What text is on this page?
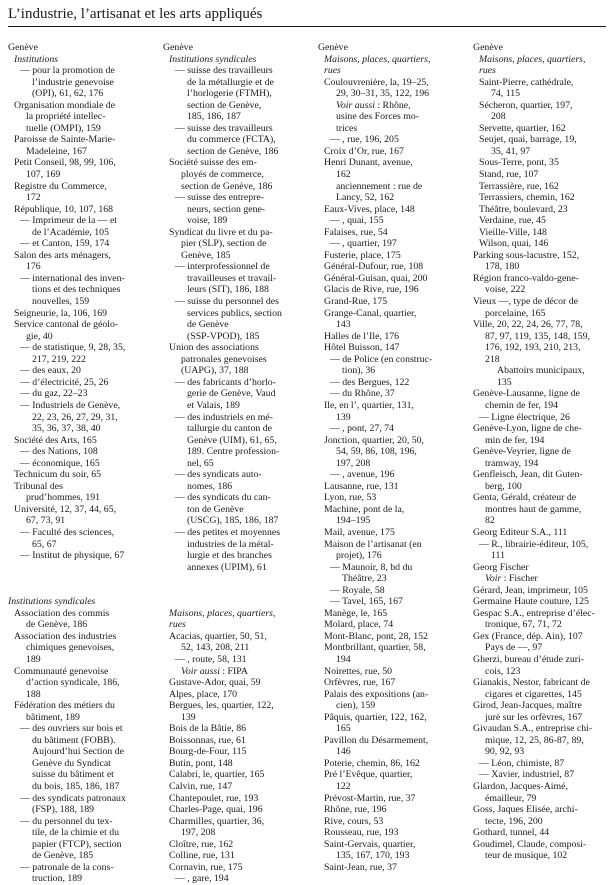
L’industrie, l’artisanat et les arts appliqués
Genève
Institutions
— pour la promotion de
l’industrie genevoise
(OPI), 61, 62, 176
Organisation mondiale de
la propriété intellec-
tuelle (OMPI), 159
Paroisse de Sainte-Marie-
Madeleine, 167
Petit Conseil, 98, 99, 106,
107, 169
Registre du Commerce,
172
République, 10, 107, 168
— Imprimeur de la — et
de l’Académie, 105
— et Canton, 159, 174
Salon des arts ménagers,
176
— international des inven-
tions et des techniques
nouvelles, 159
Seigneurie, la, 106, 169
Service cantonal de géolo-
gie, 40
— de statistique, 9, 28, 35,
217, 219, 222
— des eaux, 20
— d’électricité, 25, 26
— du gaz, 22–23
— Industriels de Genève,
22, 23, 26, 27, 29, 31,
35, 36, 37, 38, 40
Société des Arts, 165
— des Nations, 108
— économique, 165
Technicum du soir, 65
Tribunal des
prud’hommes, 191
Université, 12, 37, 44, 65,
67, 73, 91
— Faculté des sciences,
65, 67
— Institut de physique, 67
Institutions syndicales
Association des commis
de Genève, 186
Association des industries
chimiques genevoises,
189
Communauté genevoise
d’action syndicale, 186,
188
Fédération des métiers du
bâtiment, 189
— des ouvriers sur bois et
du bâtiment (FOBB).
Aujourd’hui Section de
Genève du Syndicat
suisse du bâtiment et
du bois, 185, 186, 187
— des syndicats patronaux
(FSP), 188, 189
— du personnel du tex-
tile, de la chimie et du
papier (FTCP), section
de Genève, 185
— patronale de la cons-
truction, 189
Genève
Institutions syndicales
— suisse des travailleurs
de la métallurgie et de
l’horlogerie (FTMH),
section de Genève,
185, 186, 187
— suisse des travailleurs
du commerce (FCTA),
section de Genève, 186
Société suisse des em-
ployés de commerce,
section de Genève, 186
— suisse des entrepre-
neurs, section gene-
voise, 189
Syndicat du livre et du pa-
pier (SLP), section de
Genève, 185
— interprofessionnel de
travailleuses et travail-
leurs (SIT), 186, 188
— suisse du personnel des
services publics, section
de Genève
(SSP-VPOD), 185
Union des associations
patronales genevoises
(UAPG), 37, 188
— des fabricants d’horlo-
gerie de Genève, Vaud
et Valais, 189
— des industriels en mé-
tallurgie du canton de
Genève (UIM), 61, 65,
189. Centre profession-
nel, 65
— des syndicats auto-
nomes, 186
— des syndicats du can-
ton de Genève
(USCG), 185, 186, 187
— des petites et moyennes
industries de la métal-
lurgie et des branches
annexes (UPIM), 61
Maisons, places, quartiers,
rues
Acacias, quartier, 50, 51,
52, 143, 208, 211
— , route, 58, 131
Voir aussi : FIPA
Gustave-Ador, quai, 59
Alpes, place, 170
Bergues, les, quartier, 122,
139
Bois de la Bâtie, 86
Boissonnas, rue, 61
Bourg-de-Four, 115
Butin, pont, 148
Calabri, le, quartier, 165
Calvin, rue, 147
Chantepoulet, rue, 193
Charles-Page, quai, 196
Charmilles, quartier, 36,
197, 208
Cloître, rue, 162
Colline, rue, 131
Cornavin, rue, 175
— , gare, 194
Genève
Maisons, places, quartiers,
rues
Coulouvrenière, la, 19–25,
29, 30–31, 35, 122, 196
Voir aussi : Rhône,
usine des Forces mo-
trices
— , rue, 196, 205
Croix d’Or, rue, 167
Henri Dunant, avenue,
162
anciennement : rue de
Lancy, 52, 162
Eaux-Vives, place, 148
— , quai, 155
Falaises, rue, 54
— , quartier, 197
Fusterie, place, 175
Général-Dufour, rue, 108
Général-Guisan, quai, 200
Glacis de Rive, rue, 196
Grand-Rue, 175
Grange-Canal, quartier,
143
Halles de l’Ile, 176
Hôtel Buisson, 147
— de Police (en construc-
tion), 36
— des Bergues, 122
— du Rhône, 37
Ile, en l’, quartier, 131,
139
— , pont, 27, 74
Jonction, quartier, 20, 50,
54, 59, 86, 108, 196,
197, 208
— , avenue, 196
Lausanne, rue, 131
Lyon, rue, 53
Machine, pont de la,
194–195
Mail, avenue, 175
Maison de l’artisanat (en
projet), 176
— Maunoir, 8, bd du
Théâtre, 23
— Royale, 58
— Tavel, 165, 167
Manège, le, 165
Molard, place, 74
Mont-Blanc, pont, 28, 152
Montbrillant, quartier, 58,
194
Noirettes, rue, 50
Orfèvres, rue, 167
Palais des expositions (an-
cien), 159
Pâquis, quartier, 122, 162,
165
Pavillon du Désarmement,
146
Poterie, chemin, 86, 162
Pré l’Evêque, quartier,
122
Prévost-Martin, rue, 37
Rhône, rue, 196
Rive, cours, 53
Rousseau, rue, 193
Saint-Gervais, quartier,
135, 167, 170, 193
Saint-Jean, rue, 37
Genève
Maisons, places, quartiers,
rues
Saint-Pierre, cathédrale,
74, 115
Sécheron, quartier, 197,
208
Servette, quartier, 162
Seujet, quai, barrage, 19,
35, 41, 97
Sous-Terre, pont, 35
Stand, rue, 107
Terrassière, rue, 162
Terrassiers, chemin, 162
Théâtre, boulevard, 23
Verdaine, rue, 45
Vieille-Ville, 148
Wilson, quai, 146
Parking sous-lacustre, 152,
178, 180
Région franco-valdo-gene-
voise, 222
Vieux —, type de décor de
porcelaine, 165
Ville, 20, 22, 24, 26, 77, 78,
87, 97, 119, 135, 148, 159,
176, 192, 193, 210, 213,
218
Abattoirs municipaux,
135
Genève-Lausanne, ligne de
chemin de fer, 194
— Ligne électrique, 26
Genève-Lyon, ligne de che-
min de fer, 194
Genève-Veyrier, ligne de
tramway, 194
Genfleisch, Jean, dit Guten-
berg, 100
Genta, Gérald, créateur de
montres haut de gamme,
82
Georg Editeur S.A., 111
— R., librairie-éditeur, 105,
111
Georg Fischer
Voir : Fischer
Gérard, Jean, imprimeur, 105
Germaine Haute couture, 125
Gespac S.A., entreprise d’élec-
tronique, 67, 71, 72
Gex (France, dép. Ain), 107
Pays de —, 97
Gherzi, bureau d’étude zuri-
cois, 123
Gianakis, Nestor, fabricant de
cigares et cigarettes, 145
Girod, Jean-Jacques, maître
juré sur les orfèvres, 167
Givaudan S.A., entreprise chi-
mique, 12, 25, 86-87, 89,
90, 92, 93
— Léon, chimiste, 87
— Xavier, industriel, 87
Glardon, Jacques-Aimé,
émailleur, 79
Goss, Jaques Elisée, archi-
tecte, 196, 200
Gothard, tunnel, 44
Goudimel, Claude, composi-
teur de musique, 102
